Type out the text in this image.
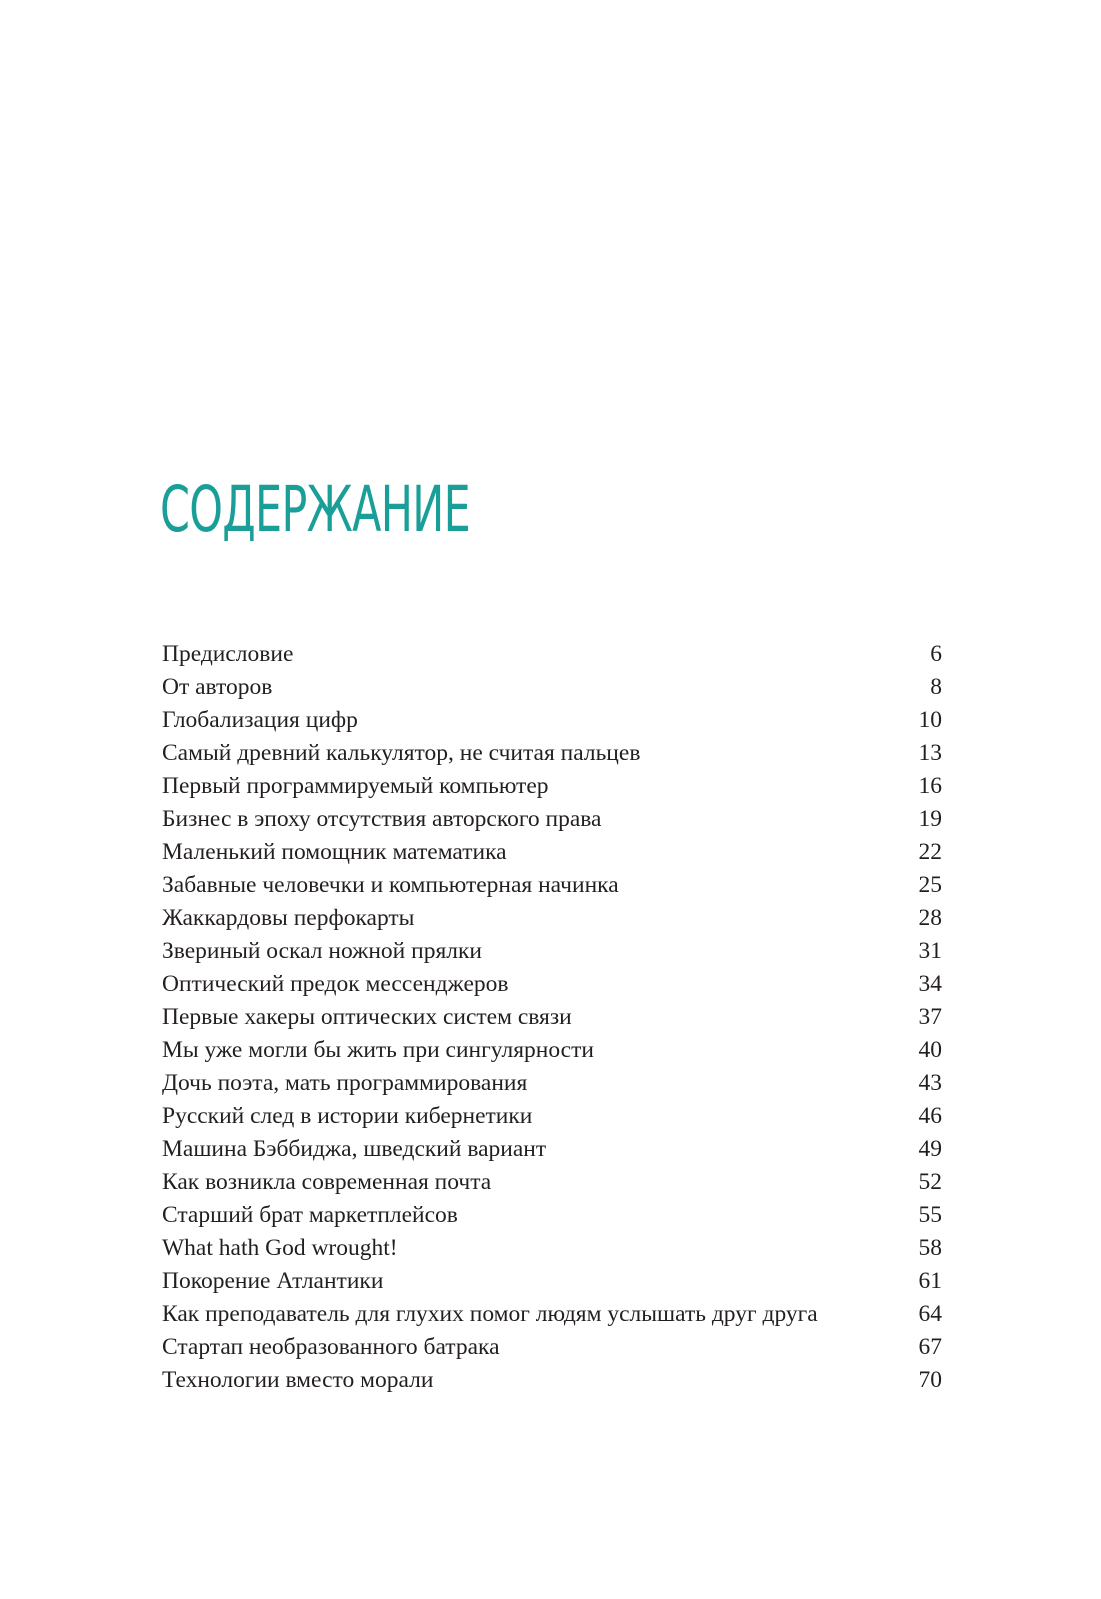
СОДЕРЖАНИЕ
Предисловие	6
От авторов	8
Глобализация цифр	10
Самый древний калькулятор, не считая пальцев	13
Первый программируемый компьютер	16
Бизнес в эпоху отсутствия авторского права	19
Маленький помощник математика	22
Забавные человечки и компьютерная начинка	25
Жаккардовы перфокарты	28
Звериный оскал ножной прялки	31
Оптический предок мессенджеров	34
Первые хакеры оптических систем связи	37
Мы уже могли бы жить при сингулярности	40
Дочь поэта, мать программирования	43
Русский след в истории кибернетики	46
Машина Бэббиджа, шведский вариант	49
Как возникла современная почта	52
Старший брат маркетплейсов	55
What hath God wrought!	58
Покорение Атлантики	61
Как преподаватель для глухих помог людям услышать друг друга	64
Стартап необразованного батрака	67
Технологии вместо морали	70
